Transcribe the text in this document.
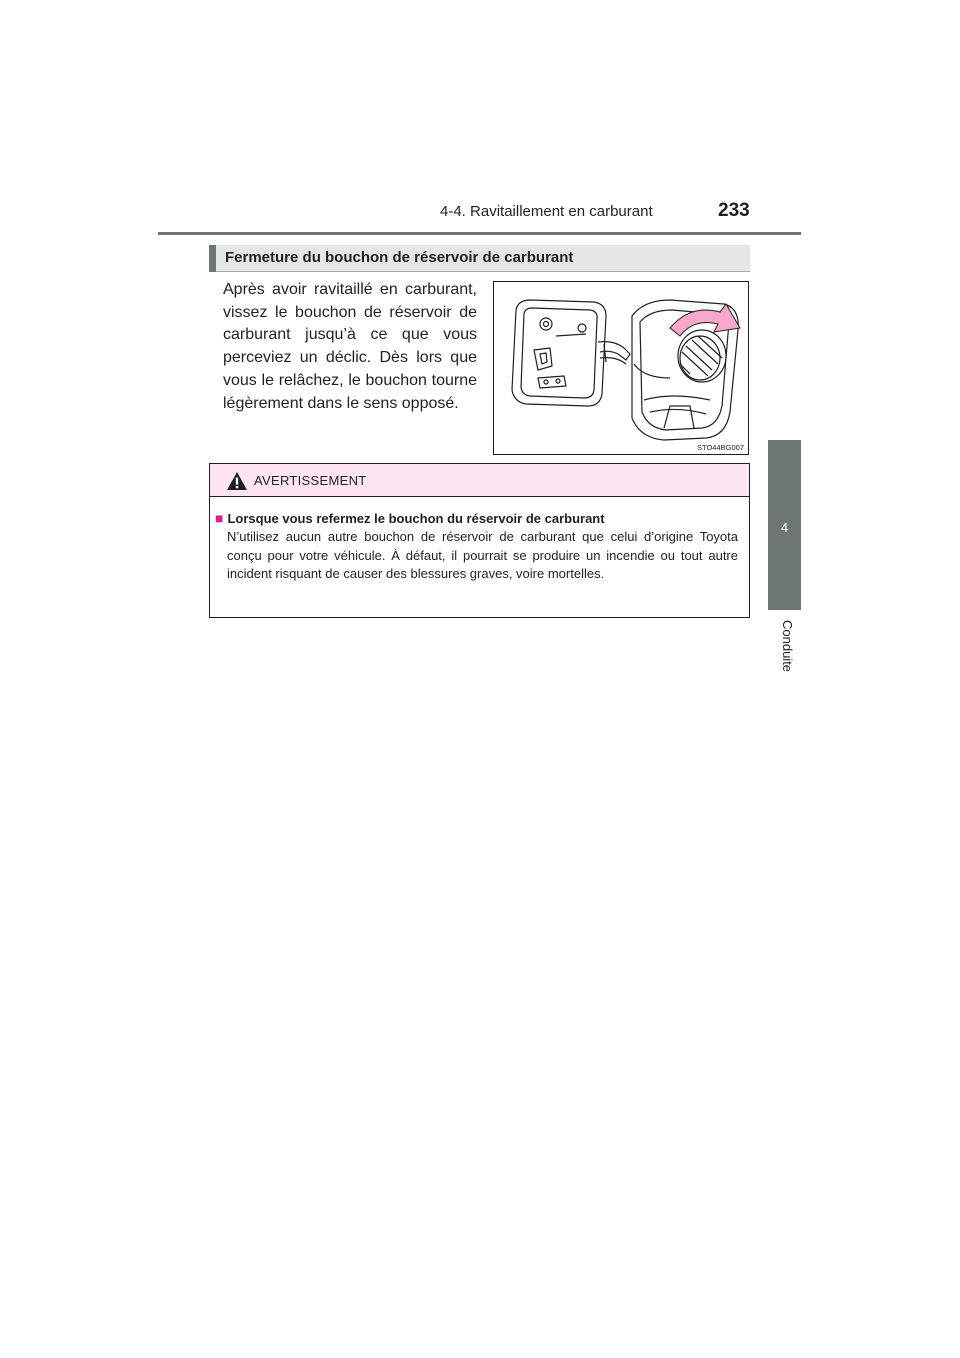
4-4. Ravitaillement en carburant	233
4
Conduite
Fermeture du bouchon de réservoir de carburant
Après avoir ravitaillé en carburant, vissez le bouchon de réservoir de carburant jusqu’à ce que vous perceviez un déclic. Dès lors que vous le relâchez, le bouchon tourne légèrement dans le sens opposé.
STO44BG007
AVERTISSEMENT
■ Lorsque vous refermez le bouchon du réservoir de carburant
N’utilisez aucun autre bouchon de réservoir de carburant que celui d’origine Toyota conçu pour votre véhicule. À défaut, il pourrait se produire un incendie ou tout autre incident risquant de causer des blessures graves, voire mortelles.
